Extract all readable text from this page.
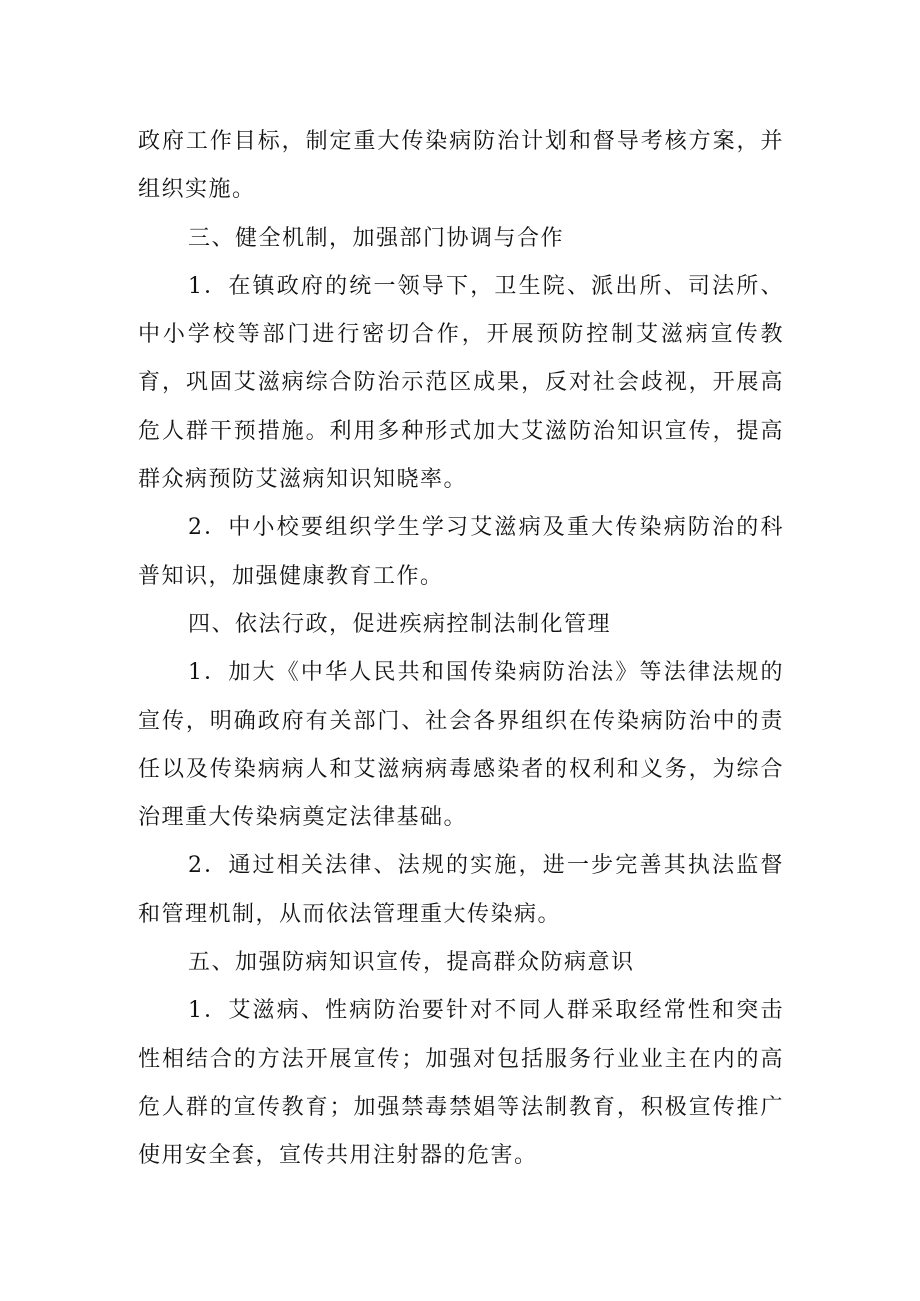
政府工作目标，制定重大传染病防治计划和督导考核方案，并组织实施。

三、健全机制，加强部门协调与合作

1．在镇政府的统一领导下，卫生院、派出所、司法所、中小学校等部门进行密切合作，开展预防控制艾滋病宣传教育，巩固艾滋病综合防治示范区成果，反对社会歧视，开展高危人群干预措施。利用多种形式加大艾滋防治知识宣传，提高群众病预防艾滋病知识知晓率。

2．中小校要组织学生学习艾滋病及重大传染病防治的科普知识，加强健康教育工作。

四、依法行政，促进疾病控制法制化管理

1．加大《中华人民共和国传染病防治法》等法律法规的宣传，明确政府有关部门、社会各界组织在传染病防治中的责任以及传染病病人和艾滋病病毒感染者的权利和义务，为综合治理重大传染病奠定法律基础。

2．通过相关法律、法规的实施，进一步完善其执法监督和管理机制，从而依法管理重大传染病。

五、加强防病知识宣传，提高群众防病意识

1．艾滋病、性病防治要针对不同人群采取经常性和突击性相结合的方法开展宣传；加强对包括服务行业业主在内的高危人群的宣传教育；加强禁毒禁娼等法制教育，积极宣传推广使用安全套，宣传共用注射器的危害。
